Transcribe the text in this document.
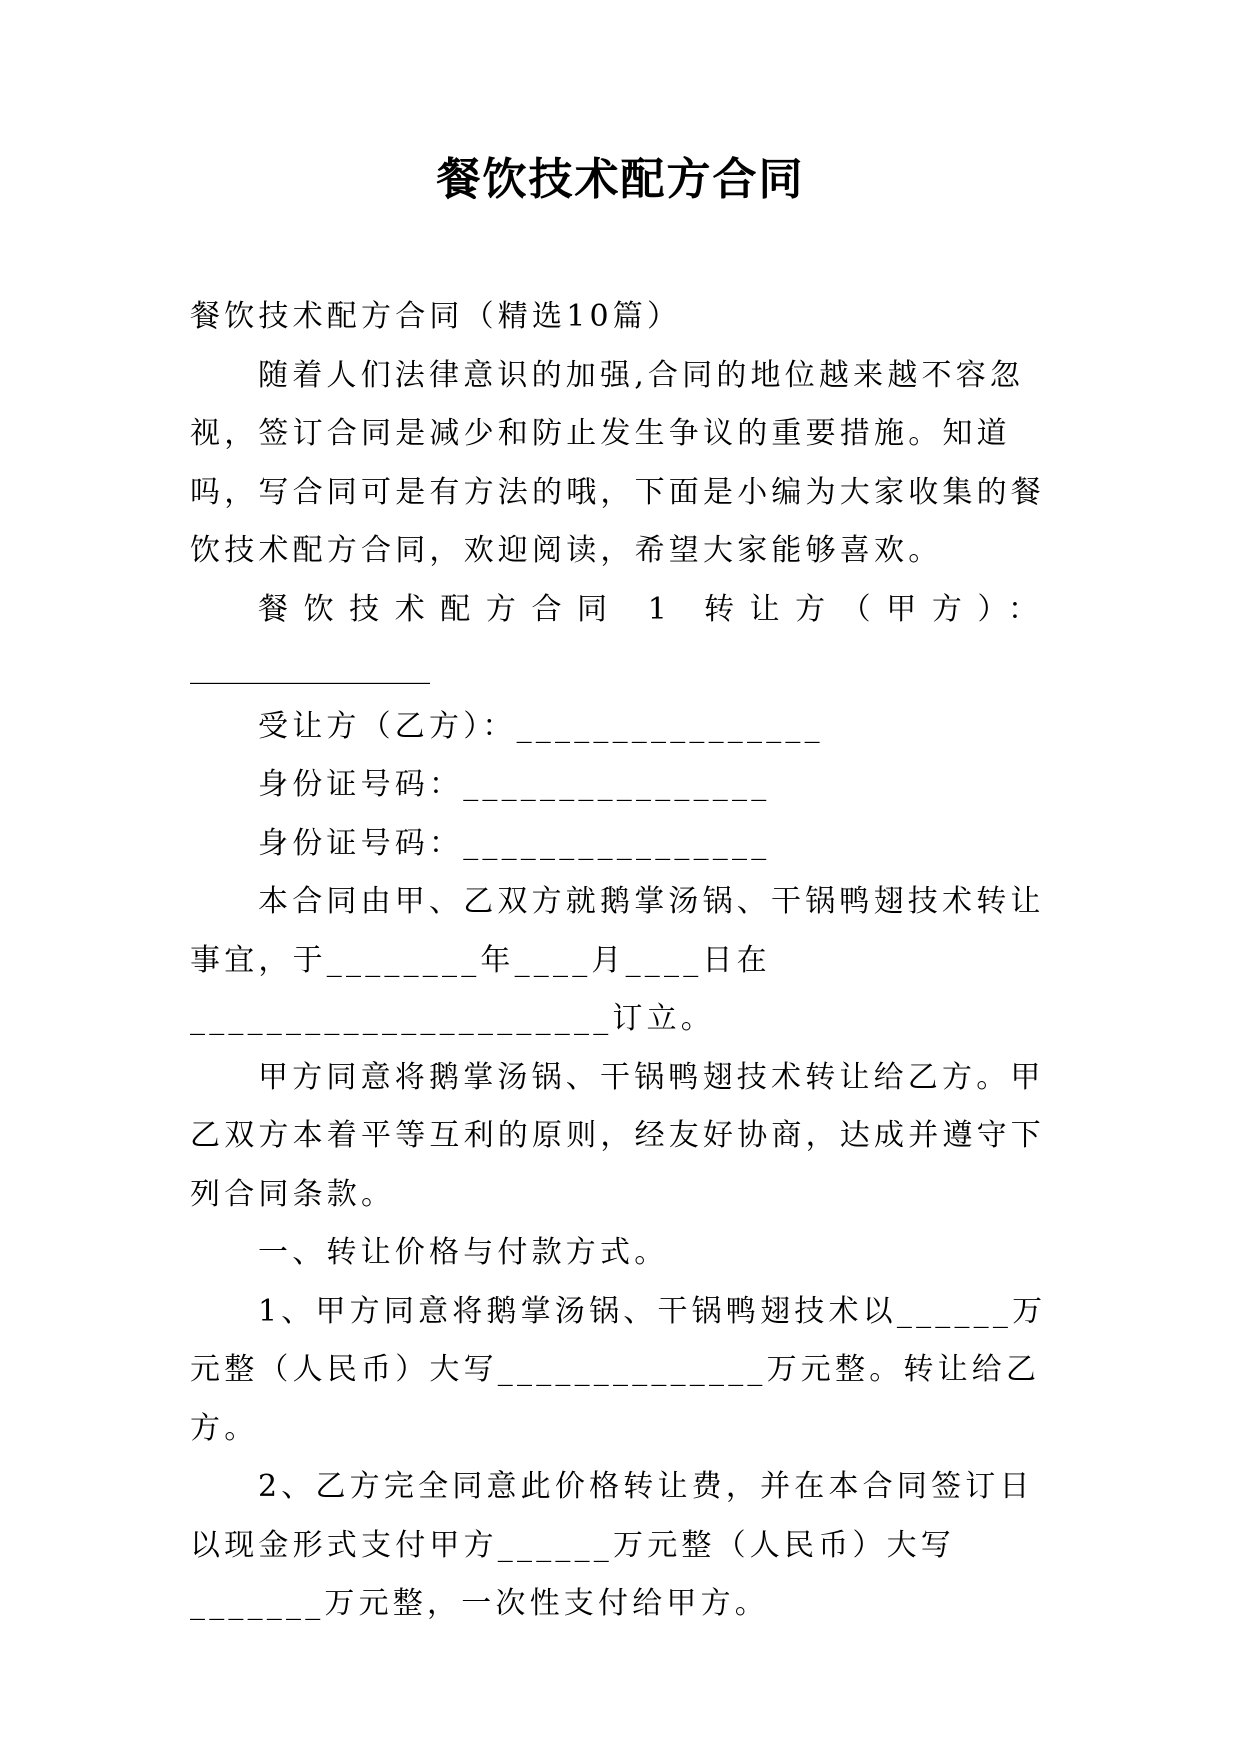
餐饮技术配方合同

餐饮技术配方合同（精选10篇）

随着人们法律意识的加强,合同的地位越来越不容忽视，签订合同是减少和防止发生争议的重要措施。知道吗，写合同可是有方法的哦，下面是小编为大家收集的餐饮技术配方合同，欢迎阅读，希望大家能够喜欢。

餐饮技术配方合同 1 转让方（甲方）：

________________

受让方（乙方）：________________

身份证号码：________________

身份证号码：________________

本合同由甲、乙双方就鹅掌汤锅、干锅鸭翅技术转让事宜，于________年____月____日在______________________订立。

甲方同意将鹅掌汤锅、干锅鸭翅技术转让给乙方。甲乙双方本着平等互利的原则，经友好协商，达成并遵守下列合同条款。

一、转让价格与付款方式。

1、甲方同意将鹅掌汤锅、干锅鸭翅技术以______万元整（人民币）大写______________万元整。转让给乙方。

2、乙方完全同意此价格转让费，并在本合同签订日以现金形式支付甲方______万元整（人民币）大写_______万元整，一次性支付给甲方。
